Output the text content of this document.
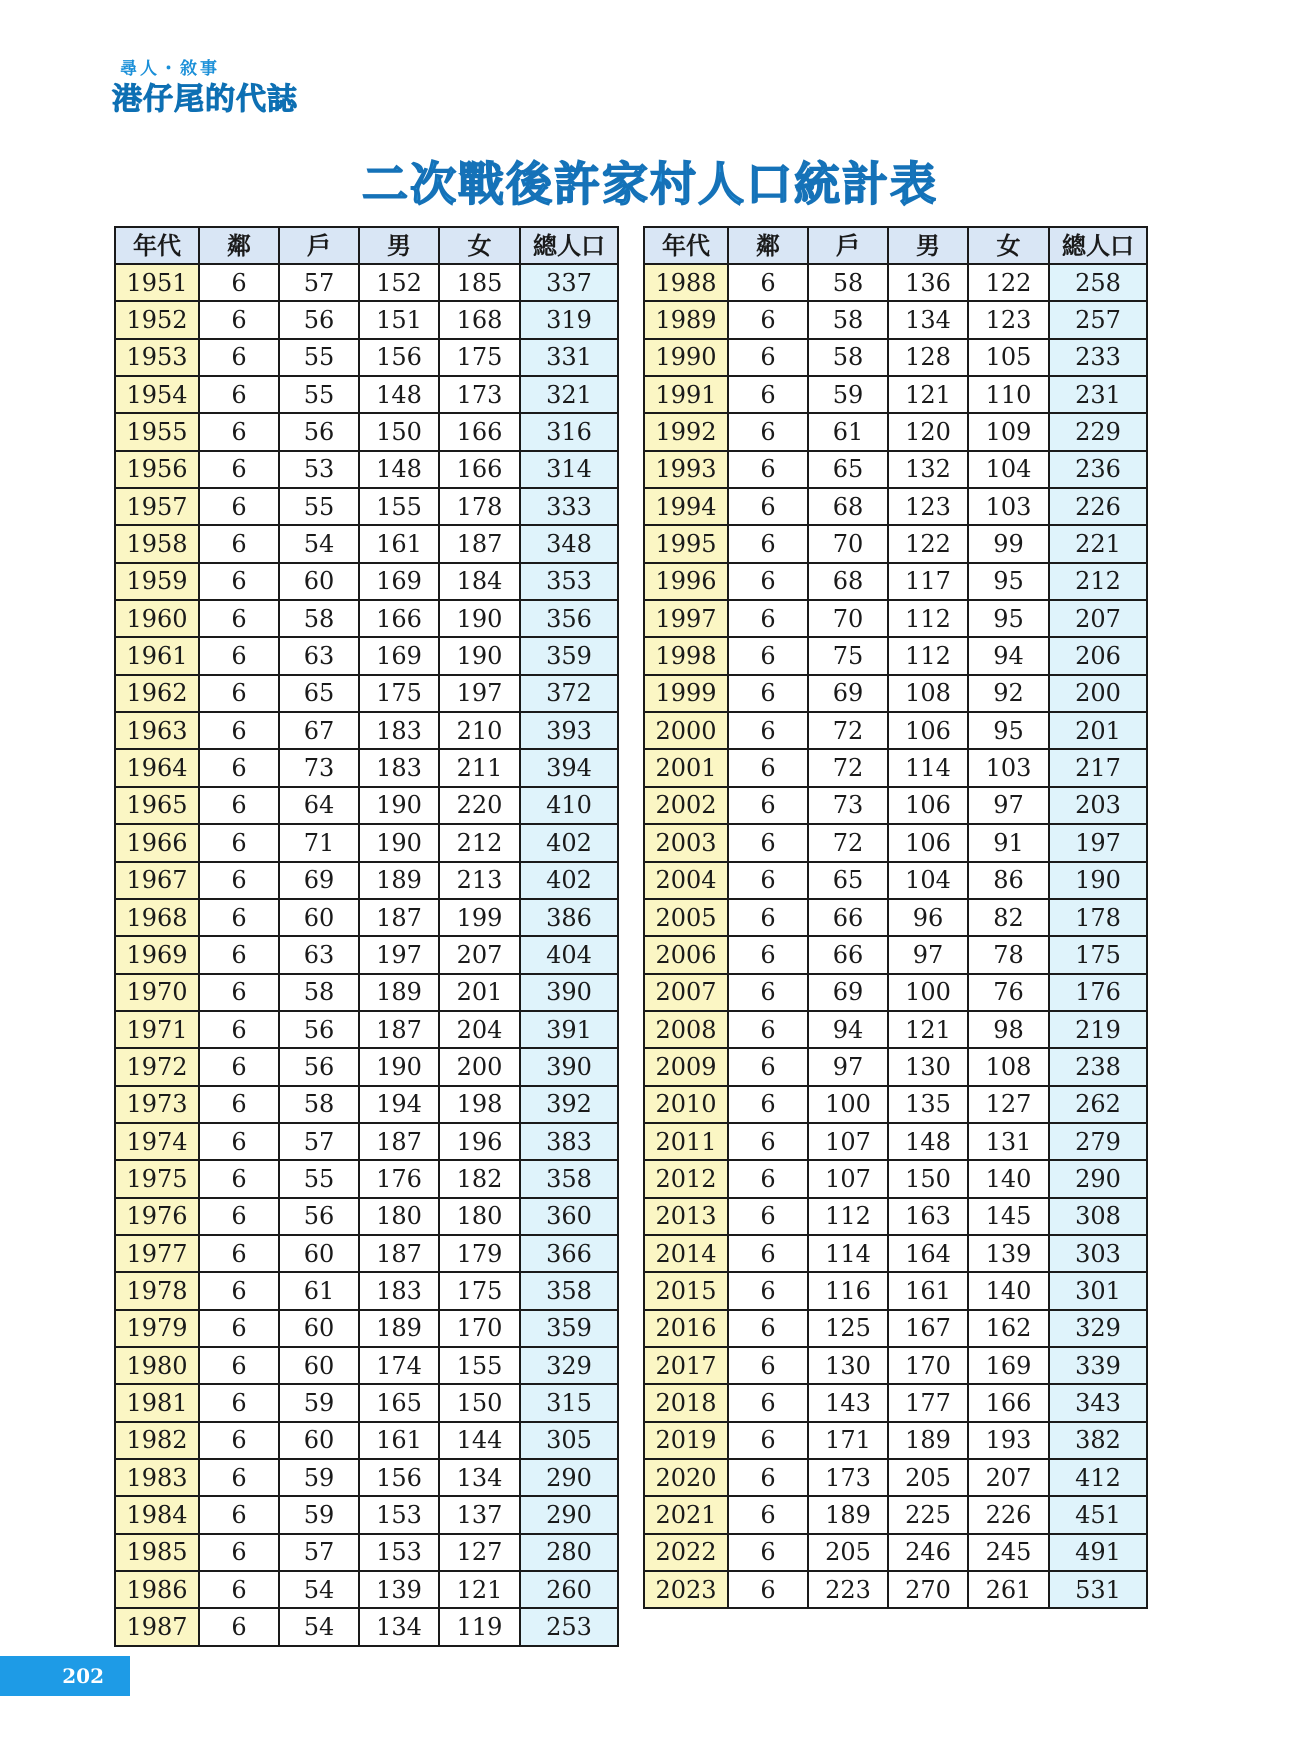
尋人・敘事
港仔尾的代誌
二次戰後許家村人口統計表
年代	鄰	戶	男	女	總人口
1951	6	57	152	185	337
1952	6	56	151	168	319
1953	6	55	156	175	331
1954	6	55	148	173	321
1955	6	56	150	166	316
1956	6	53	148	166	314
1957	6	55	155	178	333
1958	6	54	161	187	348
1959	6	60	169	184	353
1960	6	58	166	190	356
1961	6	63	169	190	359
1962	6	65	175	197	372
1963	6	67	183	210	393
1964	6	73	183	211	394
1965	6	64	190	220	410
1966	6	71	190	212	402
1967	6	69	189	213	402
1968	6	60	187	199	386
1969	6	63	197	207	404
1970	6	58	189	201	390
1971	6	56	187	204	391
1972	6	56	190	200	390
1973	6	58	194	198	392
1974	6	57	187	196	383
1975	6	55	176	182	358
1976	6	56	180	180	360
1977	6	60	187	179	366
1978	6	61	183	175	358
1979	6	60	189	170	359
1980	6	60	174	155	329
1981	6	59	165	150	315
1982	6	60	161	144	305
1983	6	59	156	134	290
1984	6	59	153	137	290
1985	6	57	153	127	280
1986	6	54	139	121	260
1987	6	54	134	119	253
年代	鄰	戶	男	女	總人口
1988	6	58	136	122	258
1989	6	58	134	123	257
1990	6	58	128	105	233
1991	6	59	121	110	231
1992	6	61	120	109	229
1993	6	65	132	104	236
1994	6	68	123	103	226
1995	6	70	122	99	221
1996	6	68	117	95	212
1997	6	70	112	95	207
1998	6	75	112	94	206
1999	6	69	108	92	200
2000	6	72	106	95	201
2001	6	72	114	103	217
2002	6	73	106	97	203
2003	6	72	106	91	197
2004	6	65	104	86	190
2005	6	66	96	82	178
2006	6	66	97	78	175
2007	6	69	100	76	176
2008	6	94	121	98	219
2009	6	97	130	108	238
2010	6	100	135	127	262
2011	6	107	148	131	279
2012	6	107	150	140	290
2013	6	112	163	145	308
2014	6	114	164	139	303
2015	6	116	161	140	301
2016	6	125	167	162	329
2017	6	130	170	169	339
2018	6	143	177	166	343
2019	6	171	189	193	382
2020	6	173	205	207	412
2021	6	189	225	226	451
2022	6	205	246	245	491
2023	6	223	270	261	531
202
